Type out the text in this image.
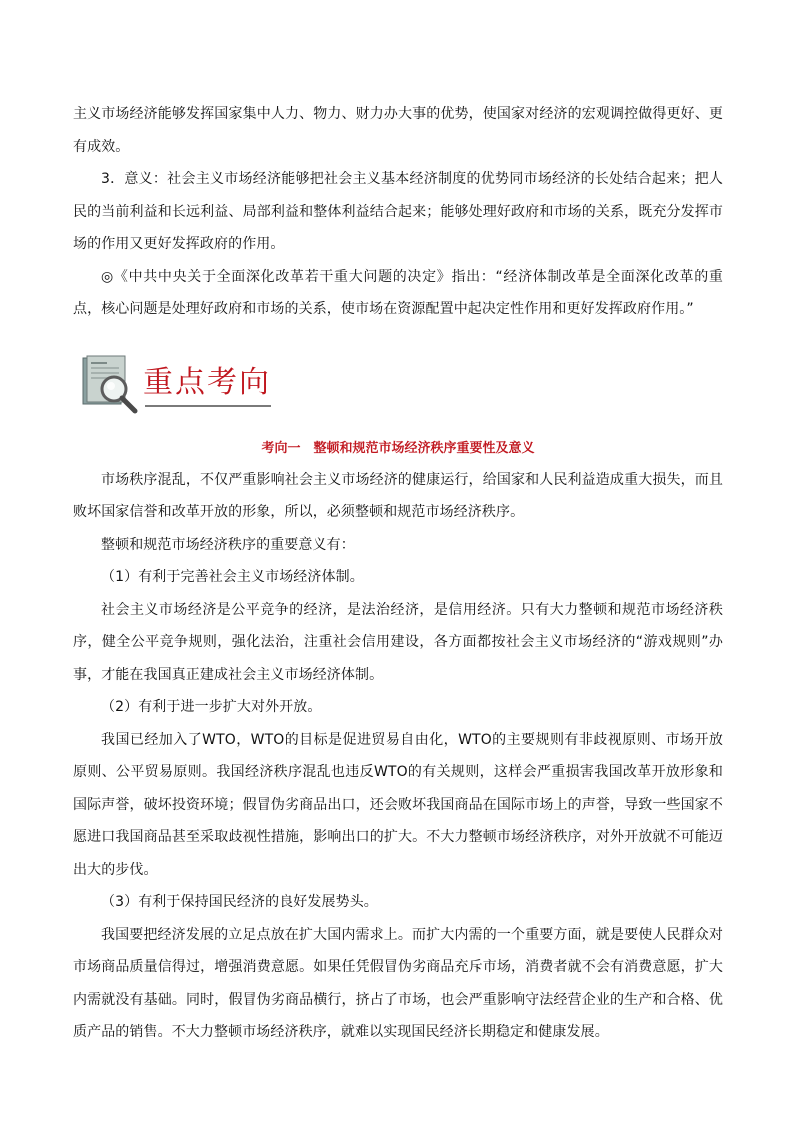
主义市场经济能够发挥国家集中人力、物力、财力办大事的优势，使国家对经济的宏观调控做得更好、更有成效。

3．意义：社会主义市场经济能够把社会主义基本经济制度的优势同市场经济的长处结合起来；把人民的当前利益和长远利益、局部利益和整体利益结合起来；能够处理好政府和市场的关系，既充分发挥市场的作用又更好发挥政府的作用。

◎《中共中央关于全面深化改革若干重大问题的决定》指出：“经济体制改革是全面深化改革的重点，核心问题是处理好政府和市场的关系，使市场在资源配置中起决定性作用和更好发挥政府作用。”

重点考向

考向一　整顿和规范市场经济秩序重要性及意义

市场秩序混乱，不仅严重影响社会主义市场经济的健康运行，给国家和人民利益造成重大损失，而且败坏国家信誉和改革开放的形象，所以，必须整顿和规范市场经济秩序。

整顿和规范市场经济秩序的重要意义有：

（1）有利于完善社会主义市场经济体制。

社会主义市场经济是公平竞争的经济，是法治经济，是信用经济。只有大力整顿和规范市场经济秩序，健全公平竞争规则，强化法治，注重社会信用建设，各方面都按社会主义市场经济的“游戏规则”办事，才能在我国真正建成社会主义市场经济体制。

（2）有利于进一步扩大对外开放。

我国已经加入了WTO，WTO的目标是促进贸易自由化，WTO的主要规则有非歧视原则、市场开放原则、公平贸易原则。我国经济秩序混乱也违反WTO的有关规则，这样会严重损害我国改革开放形象和国际声誉，破坏投资环境；假冒伪劣商品出口，还会败坏我国商品在国际市场上的声誉，导致一些国家不愿进口我国商品甚至采取歧视性措施，影响出口的扩大。不大力整顿市场经济秩序，对外开放就不可能迈出大的步伐。

（3）有利于保持国民经济的良好发展势头。

我国要把经济发展的立足点放在扩大国内需求上。而扩大内需的一个重要方面，就是要使人民群众对市场商品质量信得过，增强消费意愿。如果任凭假冒伪劣商品充斥市场，消费者就不会有消费意愿，扩大内需就没有基础。同时，假冒伪劣商品横行，挤占了市场，也会严重影响守法经营企业的生产和合格、优质产品的销售。不大力整顿市场经济秩序，就难以实现国民经济长期稳定和健康发展。
